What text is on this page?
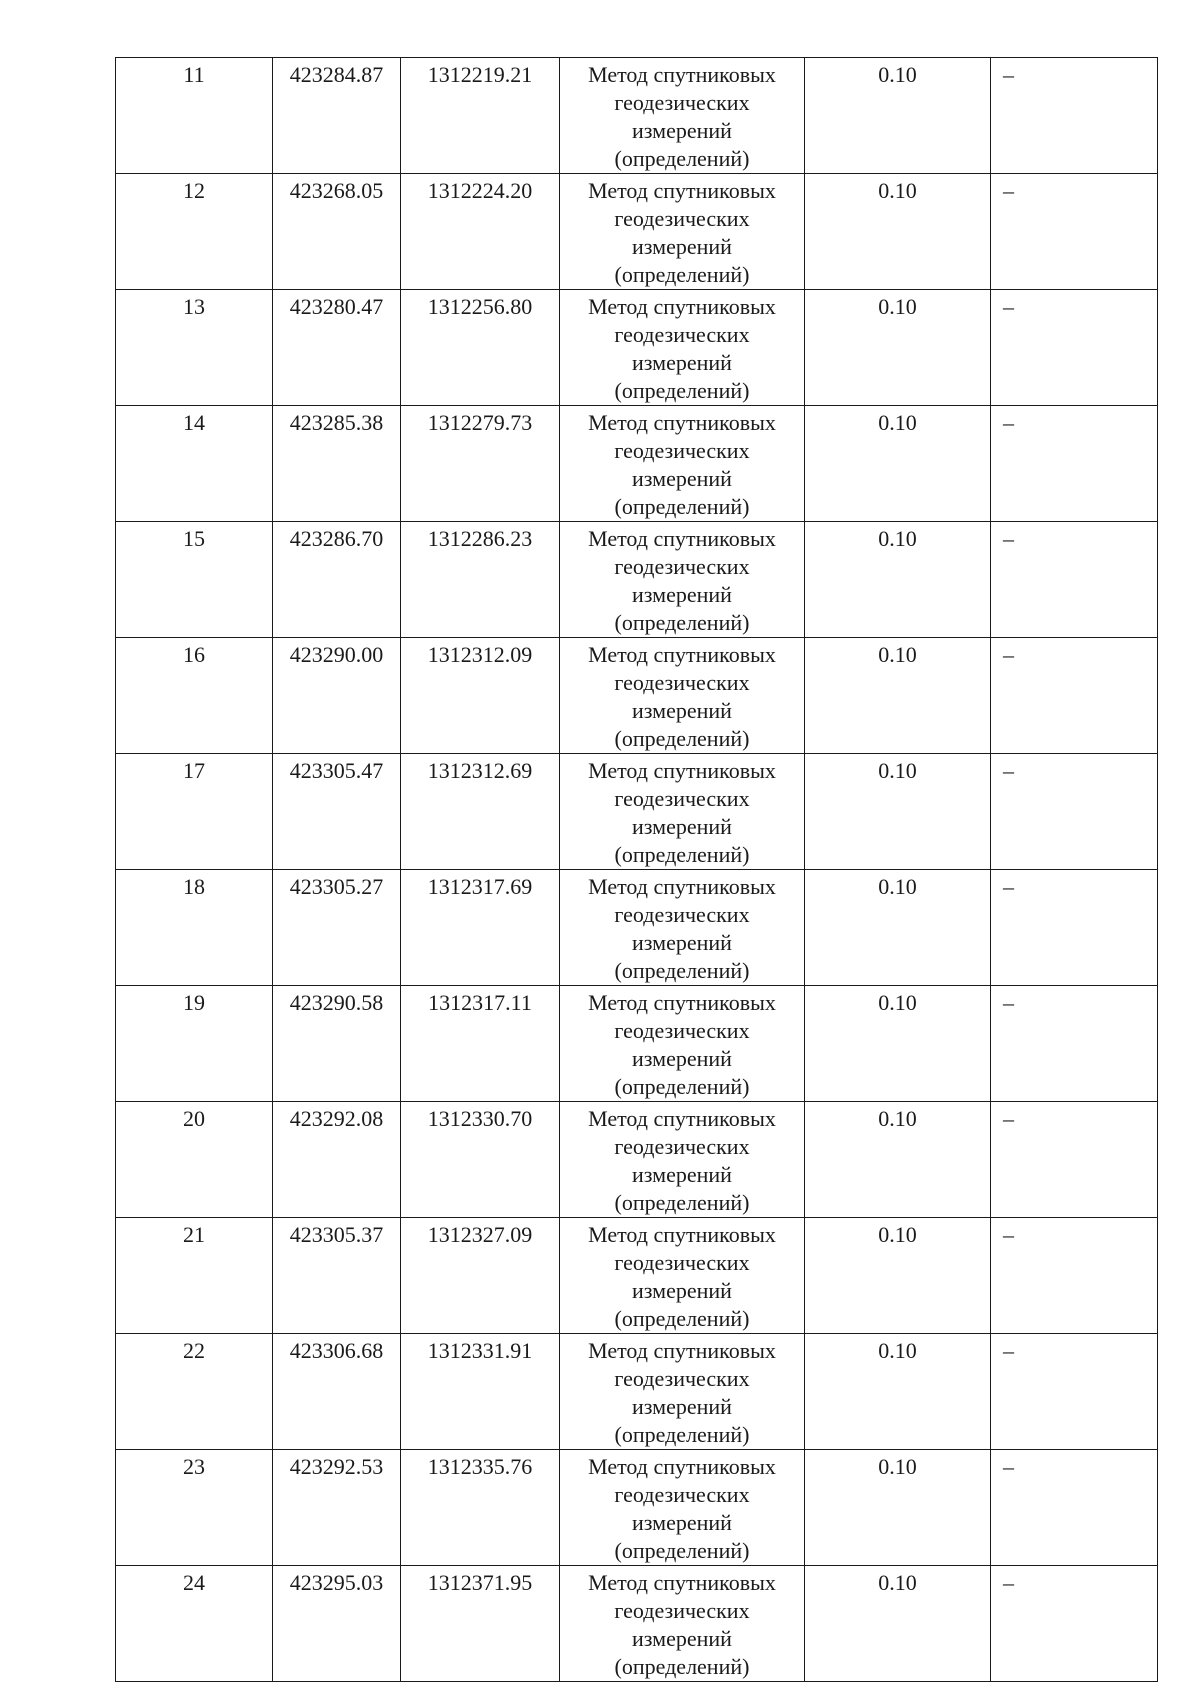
11	423284.87	1312219.21	Метод спутниковых
геодезических
измерений
(определений)	0.10	–
12	423268.05	1312224.20	Метод спутниковых
геодезических
измерений
(определений)	0.10	–
13	423280.47	1312256.80	Метод спутниковых
геодезических
измерений
(определений)	0.10	–
14	423285.38	1312279.73	Метод спутниковых
геодезических
измерений
(определений)	0.10	–
15	423286.70	1312286.23	Метод спутниковых
геодезических
измерений
(определений)	0.10	–
16	423290.00	1312312.09	Метод спутниковых
геодезических
измерений
(определений)	0.10	–
17	423305.47	1312312.69	Метод спутниковых
геодезических
измерений
(определений)	0.10	–
18	423305.27	1312317.69	Метод спутниковых
геодезических
измерений
(определений)	0.10	–
19	423290.58	1312317.11	Метод спутниковых
геодезических
измерений
(определений)	0.10	–
20	423292.08	1312330.70	Метод спутниковых
геодезических
измерений
(определений)	0.10	–
21	423305.37	1312327.09	Метод спутниковых
геодезических
измерений
(определений)	0.10	–
22	423306.68	1312331.91	Метод спутниковых
геодезических
измерений
(определений)	0.10	–
23	423292.53	1312335.76	Метод спутниковых
геодезических
измерений
(определений)	0.10	–
24	423295.03	1312371.95	Метод спутниковых
геодезических
измерений
(определений)	0.10	–
